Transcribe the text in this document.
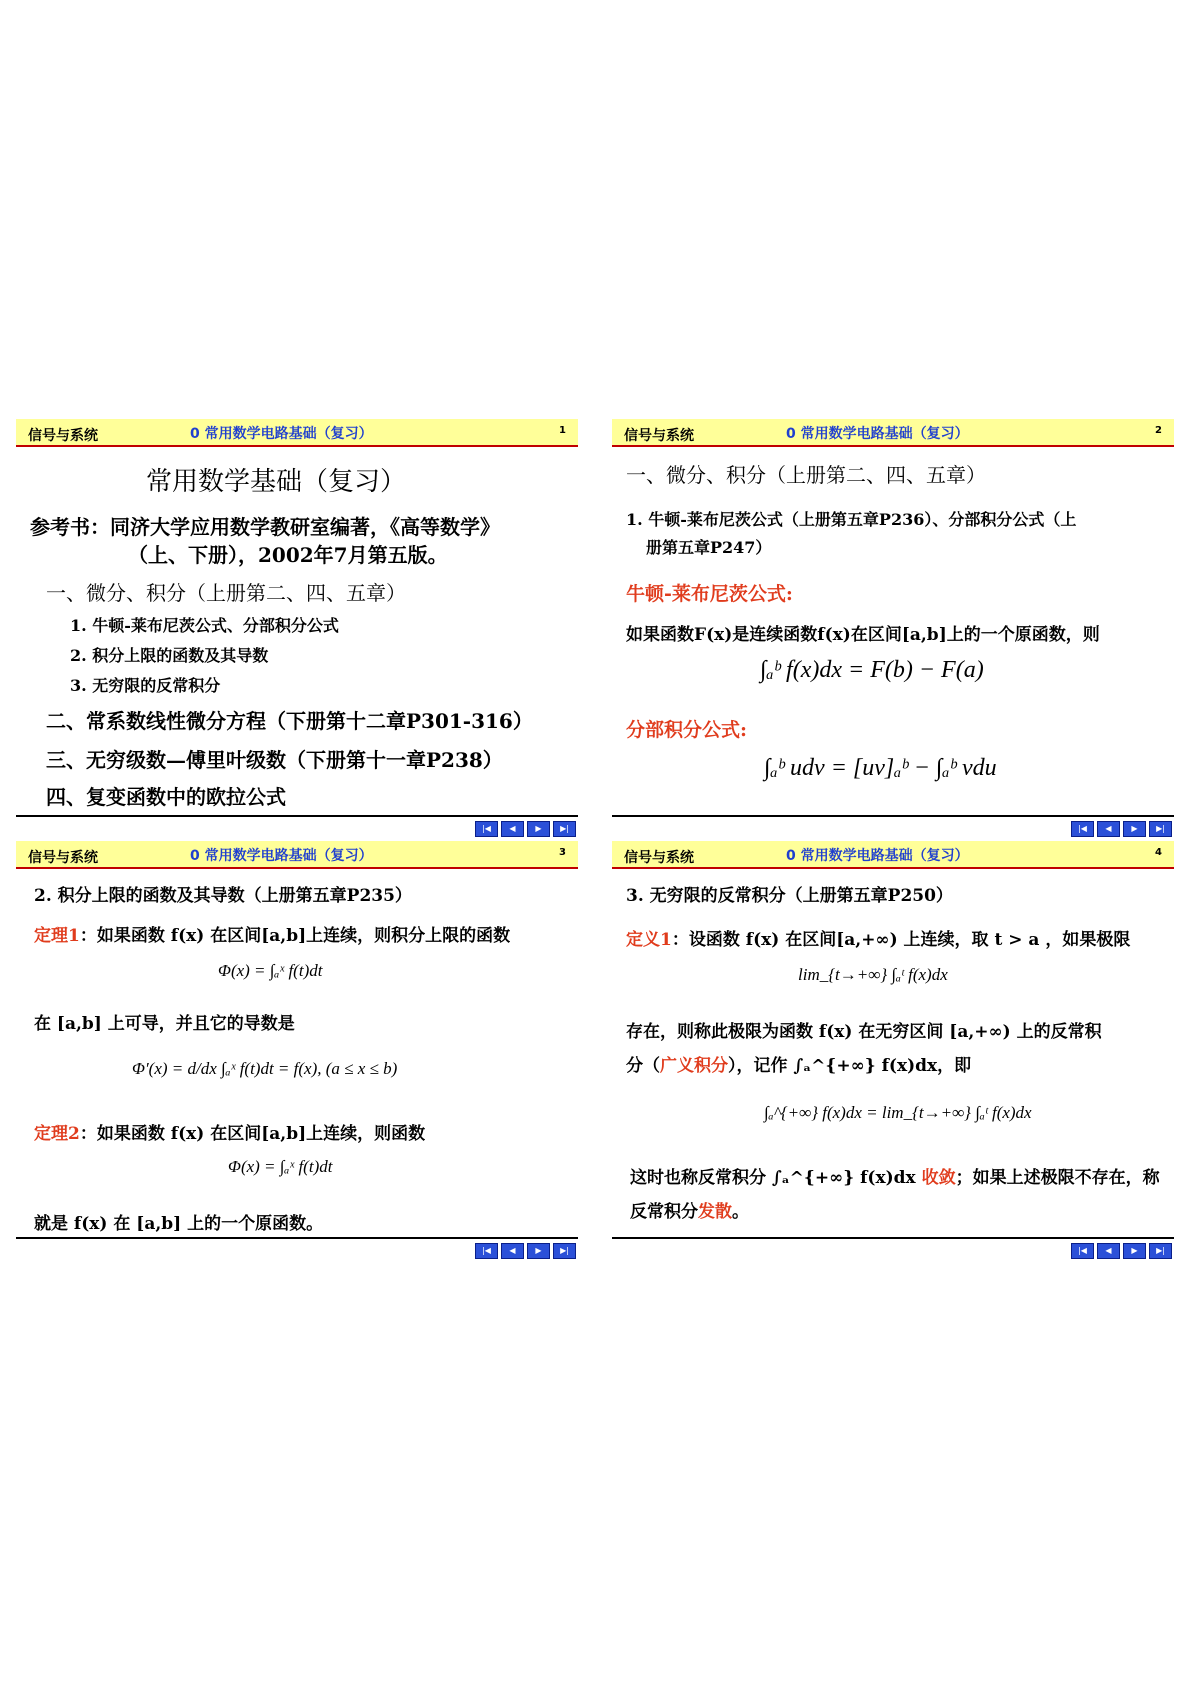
信号与系统	0 常用数学电路基础（复习）	1
常用数学基础（复习）
参考书：同济大学应用数学教研室编著，《高等数学》
（上、下册），2002年7月第五版。
一、微分、积分（上册第二、四、五章）
1. 牛顿-莱布尼茨公式、分部积分公式
2. 积分上限的函数及其导数
3. 无穷限的反常积分
二、常系数线性微分方程（下册第十二章P301-316）
三、无穷级数—傅里叶级数（下册第十一章P238）
四、复变函数中的欧拉公式
|◀	◀	▶	▶|
信号与系统	0 常用数学电路基础（复习）	2
一、微分、积分（上册第二、四、五章）
1. 牛顿-莱布尼茨公式（上册第五章P236）、分部积分公式（上
册第五章P247）
牛顿-莱布尼茨公式:
如果函数F(x)是连续函数f(x)在区间[a,b]上的一个原函数，则
∫ₐᵇ f(x)dx = F(b) − F(a)
分部积分公式:
∫ₐᵇ udv = [uv]ₐᵇ − ∫ₐᵇ vdu
|◀	◀	▶	▶|
信号与系统	0 常用数学电路基础（复习）	3
2. 积分上限的函数及其导数（上册第五章P235）
定理1：如果函数 f(x) 在区间[a,b]上连续，则积分上限的函数
Φ(x) = ∫ₐˣ f(t)dt
在 [a,b] 上可导，并且它的导数是
Φ′(x) = d/dx ∫ₐˣ f(t)dt = f(x), (a ≤ x ≤ b)
定理2：如果函数 f(x) 在区间[a,b]上连续，则函数
Φ(x) = ∫ₐˣ f(t)dt
就是 f(x) 在 [a,b] 上的一个原函数。
|◀	◀	▶	▶|
信号与系统	0 常用数学电路基础（复习）	4
3. 无穷限的反常积分（上册第五章P250）
定义1：设函数 f(x) 在区间[a,+∞) 上连续，取 t > a ，如果极限
lim_{t→+∞} ∫ₐᵗ f(x)dx
存在，则称此极限为函数 f(x) 在无穷区间 [a,+∞) 上的反常积
分（广义积分），记作 ∫ₐ^{+∞} f(x)dx，即
∫ₐ^{+∞} f(x)dx = lim_{t→+∞} ∫ₐᵗ f(x)dx
这时也称反常积分 ∫ₐ^{+∞} f(x)dx 收敛；如果上述极限不存在，称
反常积分发散。
|◀	◀	▶	▶|
